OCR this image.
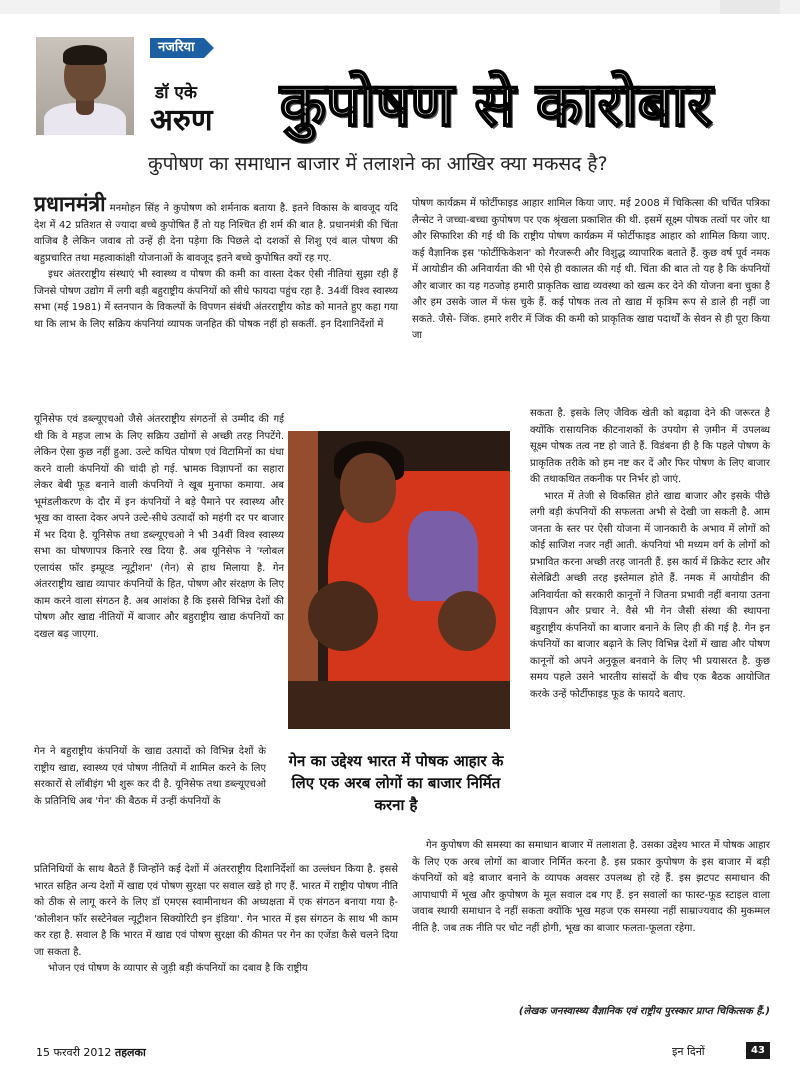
नजरिया
डॉ एके
अरुण कुपोषण से कारोबार
कुपोषण का समाधान बाजार में तलाशने का आखिर क्या मकसद है?

प्रधानमंत्री मनमोहन सिंह ने कुपोषण को शर्मनाक बताया है. इतने विकास के बावजूद यदि देश में 42 प्रतिशत से ज्यादा बच्चे कुपोषित हैं तो यह निश्चित ही शर्म की बात है. प्रधानमंत्री की चिंता वाजिब है लेकिन जवाब तो उन्हें ही देना पड़ेगा कि पिछले दो दशकों से शिशु एवं बाल पोषण की बहुप्रचारित तथा महत्वाकांक्षी योजनाओं के बावजूद इतने बच्चे कुपोषित क्यों रह गए.

इधर अंतरराष्ट्रीय संस्थाएं भी स्वास्थ्य व पोषण की कमी का वास्ता देकर ऐसी नीतियां सुझा रही हैं जिनसे पोषण उद्योग में लगी बड़ी बहुराष्ट्रीय कंपनियों को सीधे फायदा पहुंच रहा है. 34वीं विश्व स्वास्थ्य सभा (मई 1981) में स्तनपान के विकल्पों के विपणन संबंधी अंतरराष्ट्रीय कोड को मानते हुए कहा गया था कि लाभ के लिए सक्रिय कंपनियां व्यापक जनहित की पोषक नहीं हो सकतीं. इन दिशानिर्देशों में

यूनिसेफ एवं डब्ल्यूएचओ जैसे अंतरराष्ट्रीय संगठनों से उम्मीद की गई थी कि वे महज लाभ के लिए सक्रिय उद्योगों से अच्छी तरह निपटेंगे. लेकिन ऐसा कुछ नहीं हुआ. उल्टे कथित पोषण एवं विटामिनों का धंधा करने वाली कंपनियों की चांदी हो गई. भ्रामक विज्ञापनों का सहारा लेकर बेबी फूड बनाने वाली कंपनियों ने खूब मुनाफा कमाया. अब भूमंडलीकरण के दौर में इन कंपनियों ने बड़े पैमाने पर स्वास्थ्य और भूख का वास्ता देकर अपने उल्टे-सीधे उत्पादों को महंगी दर पर बाजार में भर दिया है. यूनिसेफ तथा डब्ल्यूएचओ ने भी 34वीं विश्व स्वास्थ्य सभा का घोषणापत्र किनारे रख दिया है. अब यूनिसेफ ने 'ग्लोबल एलायंस फॉर इम्प्रूव्ड न्यूट्रीशन' (गेन) से हाथ मिलाया है. गेन अंतरराष्ट्रीय खाद्य व्यापार कंपनियों के हित, पोषण और संरक्षण के लिए काम करने वाला संगठन है. अब आशंका है कि इससे विभिन्न देशों की पोषण और खाद्य नीतियों में बाजार और बहुराष्ट्रीय खाद्य कंपनियों का दखल बढ़ जाएगा.
गेन का उद्देश्य भारत में पोषक आहार के लिए एक अरब लोगों का बाजार निर्मित करना है
गेन ने बहुराष्ट्रीय कंपनियों के खाद्य उत्पादों को विभिन्न देशों के राष्ट्रीय खाद्य, स्वास्थ्य एवं पोषण नीतियों में शामिल करने के लिए सरकारों से लॉबीइंग भी शुरू कर दी है. यूनिसेफ तथा डब्ल्यूएचओ के प्रतिनिधि अब 'गेन' की बैठक में उन्हीं कंपनियों के

प्रतिनिधियों के साथ बैठते हैं जिन्होंने कई देशों में अंतरराष्ट्रीय दिशानिर्देशों का उल्लंघन किया है. इससे भारत सहित अन्य देशों में खाद्य एवं पोषण सुरक्षा पर सवाल खड़े हो गए हैं. भारत में राष्ट्रीय पोषण नीति को ठीक से लागू करने के लिए डॉ एमएस स्वामीनाथन की अध्यक्षता में एक संगठन बनाया गया है- 'कोलीशन फॉर सस्टेनेबल न्यूट्रीशन सिक्योरिटी इन इंडिया'. गेन भारत में इस संगठन के साथ भी काम कर रहा है. सवाल है कि भारत में खाद्य एवं पोषण सुरक्षा की कीमत पर गेन का एजेंडा कैसे चलने दिया जा सकता है.

भोजन एवं पोषण के व्यापार से जुड़ी बड़ी कंपनियों का दबाव है कि राष्ट्रीय

पोषण कार्यक्रम में फोर्टीफाइड आहार शामिल किया जाए. मई 2008 में चिकित्सा की चर्चित पत्रिका लैन्सेट ने जच्चा-बच्चा कुपोषण पर एक श्रृंखला प्रकाशित की थी. इसमें सूक्ष्म पोषक तत्वों पर जोर था और सिफारिश की गई थी कि राष्ट्रीय पोषण कार्यक्रम में फोर्टीफाइड आहार को शामिल किया जाए. कई वैज्ञानिक इस 'फोर्टीफिकेशन' को गैरजरूरी और विशुद्ध व्यापारिक बताते हैं. कुछ वर्ष पूर्व नमक में आयोडीन की अनिवार्यता की भी ऐसे ही वकालत की गई थी. चिंता की बात तो यह है कि कंपनियों और बाजार का यह गठजोड़ हमारी प्राकृतिक खाद्य व्यवस्था को खत्म कर देने की योजना बना चुका है और हम उसके जाल में फंस चुके हैं. कई पोषक तत्व तो खाद्य में कृत्रिम रूप से डाले ही नहीं जा सकते. जैसे- जिंक. हमारे शरीर में जिंक की कमी को प्राकृतिक खाद्य पदार्थों के सेवन से ही पूरा किया जा

सकता है. इसके लिए जैविक खेती को बढ़ावा देने की जरूरत है क्योंकि रासायनिक कीटनाशकों के उपयोग से ज़मीन में उपलब्ध सूक्ष्म पोषक तत्व नष्ट हो जाते हैं. विडंबना ही है कि पहले पोषण के प्राकृतिक तरीके को हम नष्ट कर दें और फिर पोषण के लिए बाजार की तथाकथित तकनीक पर निर्भर हो जाएं.

भारत में तेजी से विकसित होते खाद्य बाजार और इसके पीछे लगी बड़ी कंपनियों की सफलता अभी से देखी जा सकती है. आम जनता के स्तर पर ऐसी योजना में जानकारी के अभाव में लोगों को कोई साजिश नजर नहीं आती. कंपनियां भी मध्यम वर्ग के लोगों को प्रभावित करना अच्छी तरह जानती हैं. इस कार्य में क्रिकेट स्टार और सेलेब्रिटी अच्छी तरह इस्तेमाल होते हैं. नमक में आयोडीन की अनिवार्यता को सरकारी कानूनों ने जितना प्रभावी नहीं बनाया उतना विज्ञापन और प्रचार ने. वैसे भी गेन जैसी संस्था की स्थापना बहुराष्ट्रीय कंपनियों का बाजार बनाने के लिए ही की गई है. गेन इन कंपनियों का बाजार बढ़ाने के लिए विभिन्न देशों में खाद्य और पोषण कानूनों को अपने अनुकूल बनवाने के लिए भी प्रयासरत है. कुछ समय पहले उसने भारतीय सांसदों के बीच एक बैठक आयोजित करके उन्हें फोर्टीफाइड फूड के फायदे बताए.

गेन कुपोषण की समस्या का समाधान बाजार में तलाशता है. उसका उद्देश्य भारत में पोषक आहार के लिए एक अरब लोगों का बाजार निर्मित करना है. इस प्रकार कुपोषण के इस बाजार में बड़ी कंपनियों को बड़े बाजार बनाने के व्यापक अवसर उपलब्ध हो रहे हैं. इस झटपट समाधान की आपाधापी में भूख और कुपोषण के मूल सवाल दब गए हैं. इन सवालों का फास्ट-फूड स्टाइल वाला जवाब स्थायी समाधान दे नहीं सकता क्योंकि भूख महज एक समस्या नहीं साम्राज्यवाद की मुकम्मल नीति है. जब तक नीति पर चोट नहीं होगी, भूख का बाजार फलता-फूलता रहेगा.
(लेखक जनस्वास्थ्य वैज्ञानिक एवं राष्ट्रीय पुरस्कार प्राप्त चिकित्सक हैं.)
15 फरवरी 2012 तहलका	इन दिनों	43
